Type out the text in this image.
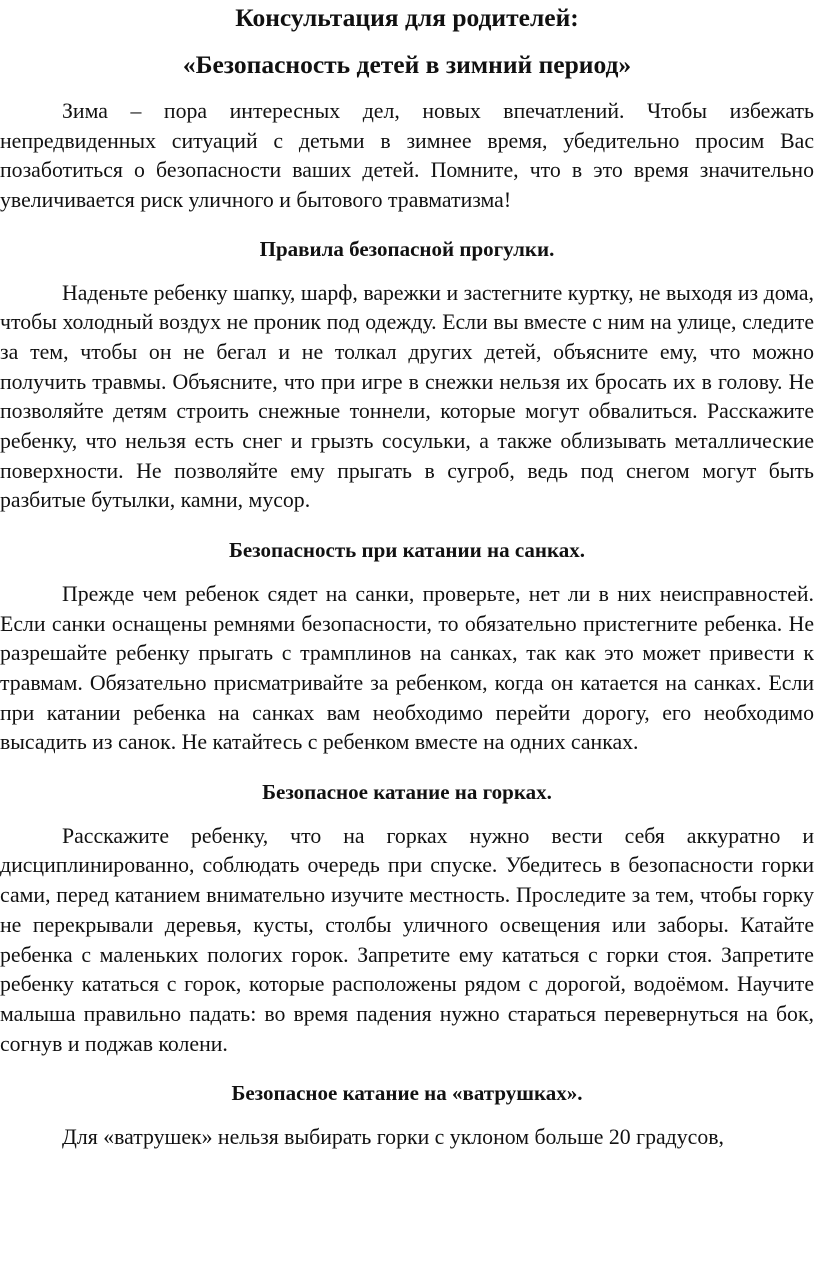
Консультация для родителей:
«Безопасность детей в зимний период»

Зима – пора интересных дел, новых впечатлений. Чтобы избежать непредвиденных ситуаций с детьми в зимнее время, убедительно просим Вас позаботиться о безопасности ваших детей. Помните, что в это время значительно увеличивается риск уличного и бытового травматизма!

Правила безопасной прогулки.

Наденьте ребенку шапку, шарф, варежки и застегните куртку, не выходя из дома, чтобы холодный воздух не проник под одежду. Если вы вместе с ним на улице, следите за тем, чтобы он не бегал и не толкал других детей, объясните ему, что можно получить травмы. Объясните, что при игре в снежки нельзя их бросать их в голову. Не позволяйте детям строить снежные тоннели, которые могут обвалиться. Расскажите ребенку, что нельзя есть снег и грызть сосульки, а также облизывать металлические поверхности. Не позволяйте ему прыгать в сугроб, ведь под снегом могут быть разбитые бутылки, камни, мусор.

Безопасность при катании на санках.

Прежде чем ребенок сядет на санки, проверьте, нет ли в них неисправностей. Если санки оснащены ремнями безопасности, то обязательно пристегните ребенка. Не разрешайте ребенку прыгать с трамплинов на санках, так как это может привести к травмам. Обязательно присматривайте за ребенком, когда он катается на санках. Если при катании ребенка на санках вам необходимо перейти дорогу, его необходимо высадить из санок. Не катайтесь с ребенком вместе на одних санках.

Безопасное катание на горках.

Расскажите ребенку, что на горках нужно вести себя аккуратно и дисциплинированно, соблюдать очередь при спуске. Убедитесь в безопасности горки сами, перед катанием внимательно изучите местность. Проследите за тем, чтобы горку не перекрывали деревья, кусты, столбы уличного освещения или заборы. Катайте ребенка с маленьких пологих горок. Запретите ему кататься с горки стоя. Запретите ребенку кататься с горок, которые расположены рядом с дорогой, водоёмом. Научите малыша правильно падать: во время падения нужно стараться перевернуться на бок, согнув и поджав колени.

Безопасное катание на «ватрушках».

Для «ватрушек» нельзя выбирать горки с уклоном больше 20 градусов,
